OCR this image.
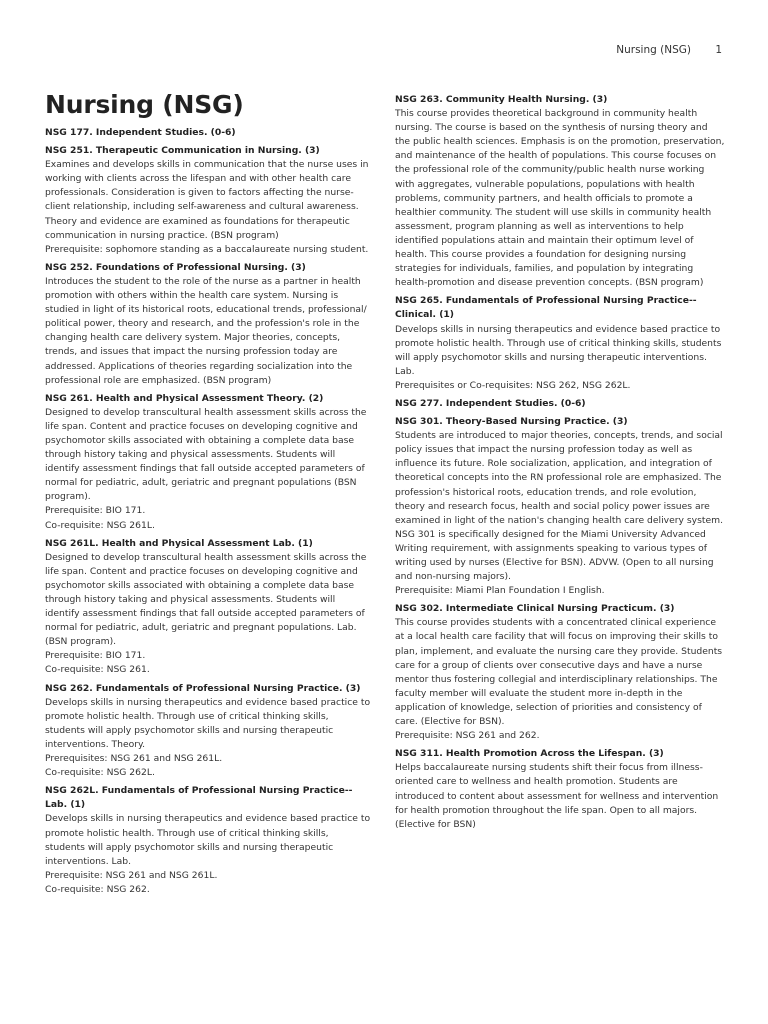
Nursing (NSG) 1
Nursing (NSG)

NSG 177. Independent Studies. (0-6)

NSG 251. Therapeutic Communication in Nursing. (3)

Examines and develops skills in communication that the nurse uses in working with clients across the lifespan and with other health care professionals. Consideration is given to factors affecting the nurse-client relationship, including self-awareness and cultural awareness. Theory and evidence are examined as foundations for therapeutic communication in nursing practice. (BSN program)

Prerequisite: sophomore standing as a baccalaureate nursing student.

NSG 252. Foundations of Professional Nursing. (3)

Introduces the student to the role of the nurse as a partner in health promotion with others within the health care system. Nursing is studied in light of its historical roots, educational trends, professional/ political power, theory and research, and the profession's role in the changing health care delivery system. Major theories, concepts, trends, and issues that impact the nursing profession today are addressed. Applications of theories regarding socialization into the professional role are emphasized. (BSN program)

NSG 261. Health and Physical Assessment Theory. (2)

Designed to develop transcultural health assessment skills across the life span. Content and practice focuses on developing cognitive and psychomotor skills associated with obtaining a complete data base through history taking and physical assessments. Students will identify assessment findings that fall outside accepted parameters of normal for pediatric, adult, geriatric and pregnant populations (BSN program).

Prerequisite: BIO 171.

Co-requisite: NSG 261L.

NSG 261L. Health and Physical Assessment Lab. (1)

Designed to develop transcultural health assessment skills across the life span. Content and practice focuses on developing cognitive and psychomotor skills associated with obtaining a complete data base through history taking and physical assessments. Students will identify assessment findings that fall outside accepted parameters of normal for pediatric, adult, geriatric and pregnant populations. Lab. (BSN program).

Prerequisite: BIO 171.

Co-requisite: NSG 261.

NSG 262. Fundamentals of Professional Nursing Practice. (3)

Develops skills in nursing therapeutics and evidence based practice to promote holistic health. Through use of critical thinking skills, students will apply psychomotor skills and nursing therapeutic interventions. Theory.

Prerequisites: NSG 261 and NSG 261L.

Co-requisite: NSG 262L.

NSG 262L. Fundamentals of Professional Nursing Practice--Lab. (1)

Develops skills in nursing therapeutics and evidence based practice to promote holistic health. Through use of critical thinking skills, students will apply psychomotor skills and nursing therapeutic interventions. Lab.

Prerequisite: NSG 261 and NSG 261L.

Co-requisite: NSG 262.

NSG 263. Community Health Nursing. (3)

This course provides theoretical background in community health nursing. The course is based on the synthesis of nursing theory and the public health sciences. Emphasis is on the promotion, preservation, and maintenance of the health of populations. This course focuses on the professional role of the community/public health nurse working with aggregates, vulnerable populations, populations with health problems, community partners, and health officials to promote a healthier community. The student will use skills in community health assessment, program planning as well as interventions to help identified populations attain and maintain their optimum level of health. This course provides a foundation for designing nursing strategies for individuals, families, and population by integrating health-promotion and disease prevention concepts. (BSN program)

NSG 265. Fundamentals of Professional Nursing Practice--Clinical. (1)

Develops skills in nursing therapeutics and evidence based practice to promote holistic health. Through use of critical thinking skills, students will apply psychomotor skills and nursing therapeutic interventions. Lab.

Prerequisites or Co-requisites: NSG 262, NSG 262L.

NSG 277. Independent Studies. (0-6)

NSG 301. Theory-Based Nursing Practice. (3)

Students are introduced to major theories, concepts, trends, and social policy issues that impact the nursing profession today as well as influence its future. Role socialization, application, and integration of theoretical concepts into the RN professional role are emphasized. The profession's historical roots, education trends, and role evolution, theory and research focus, health and social policy power issues are examined in light of the nation's changing health care delivery system. NSG 301 is specifically designed for the Miami University Advanced Writing requirement, with assignments speaking to various types of writing used by nurses (Elective for BSN). ADVW. (Open to all nursing and non-nursing majors).

Prerequisite: Miami Plan Foundation I English.

NSG 302. Intermediate Clinical Nursing Practicum. (3)

This course provides students with a concentrated clinical experience at a local health care facility that will focus on improving their skills to plan, implement, and evaluate the nursing care they provide. Students care for a group of clients over consecutive days and have a nurse mentor thus fostering collegial and interdisciplinary relationships. The faculty member will evaluate the student more in-depth in the application of knowledge, selection of priorities and consistency of care. (Elective for BSN).

Prerequisite: NSG 261 and 262.

NSG 311. Health Promotion Across the Lifespan. (3)

Helps baccalaureate nursing students shift their focus from illness-oriented care to wellness and health promotion. Students are introduced to content about assessment for wellness and intervention for health promotion throughout the life span. Open to all majors. (Elective for BSN)
